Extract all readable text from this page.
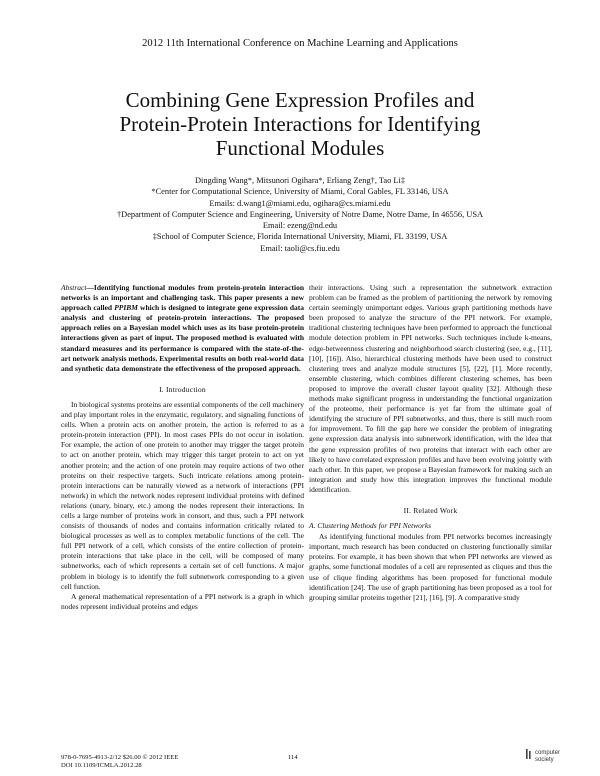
2012 11th International Conference on Machine Learning and Applications
Combining Gene Expression Profiles and
Protein-Protein Interactions for Identifying
Functional Modules
Dingding Wang*, Mitsunori Ogihara*, Erliang Zeng†, Tao Li‡
*Center for Computational Science, University of Miami, Coral Gables, FL 33146, USA
Emails: d.wang1@miami.edu, ogihara@cs.miami.edu
†Department of Computer Science and Engineering, University of Notre Dame, Notre Dame, In 46556, USA
Email: ezeng@nd.edu
‡School of Computer Science, Florida International University, Miami, FL 33199, USA
Email: taoli@cs.fiu.edu
Abstract—Identifying functional modules from protein-protein interaction networks is an important and challenging task. This paper presents a new approach called PPIBM which is designed to integrate gene expression data analysis and clustering of protein-protein interactions. The proposed approach relies on a Bayesian model which uses as its base protein-protein interactions given as part of input. The proposed method is evaluated with standard measures and its performance is compared with the state-of-the-art network analysis methods. Experimental results on both real-world data and synthetic data demonstrate the effectiveness of the proposed approach.
I. Introduction

In biological systems proteins are essential components of the cell machinery and play important roles in the enzymatic, regulatory, and signaling functions of cells. When a protein acts on another protein, the action is referred to as a protein-protein interaction (PPI). In most cases PPIs do not occur in isolation. For example, the action of one protein to another may trigger the target protein to act on another protein, which may trigger this target protein to act on yet another protein; and the action of one protein may require actions of two other proteins on their respective targets. Such intricate relations among protein-protein interactions can be naturally viewed as a network of interactions (PPI network) in which the network nodes represent individual proteins with defined relations (unary, binary, etc.) among the nodes represent their interactions. In cells a large number of proteins work in consort, and thus, such a PPI network consists of thousands of nodes and contains information critically related to biological processes as well as to complex metabolic functions of the cell. The full PPI network of a cell, which consists of the entire collection of protein-protein interactions that take place in the cell, will be composed of many subnetworks, each of which represents a certain set of cell functions. A major problem in biology is to identify the full subnetwork corresponding to a given cell function.

A general mathematical representation of a PPI network is a graph in which nodes represent individual proteins and edges

their interactions. Using such a representation the subnetwork extraction problem can be framed as the problem of partitioning the network by removing certain seemingly unimportant edges. Various graph partitioning methods have been proposed to analyze the structure of the PPI network. For example, traditional clustering techniques have been performed to approach the functional module detection problem in PPI networks. Such techniques include k-means, edge-betweenness clustering and neighborhood search clustering (see, e.g., [11], [10], [16]). Also, hierarchical clustering methods have been used to construct clustering trees and analyze module structures [5], [22], [1]. More recently, ensemble clustering, which combines different clustering schemes, has been proposed to improve the overall cluster layout quality [32]. Although these methods make significant progress in understanding the functional organization of the proteome, their performance is yet far from the ultimate goal of identifying the structure of PPI subnetworks, and thus, there is still much room for improvement. To fill the gap here we consider the problem of integrating gene expression data analysis into subnetwork identification, with the idea that the gene expression profiles of two proteins that interact with each other are likely to have correlated expression profiles and have been evolving jointly with each other. In this paper, we propose a Bayesian framework for making such an integration and study how this integration improves the functional module identification.

II. Related Work
A. Clustering Methods for PPI Networks

As identifying functional modules from PPI networks becomes increasingly important, much research has been conducted on clustering functionally similar proteins. For example, it has been shown that when PPI networks are viewed as graphs, some functional modules of a cell are represented as cliques and thus the use of clique finding algorithms has been proposed for functional module identification [24]. The use of graph partitioning has been proposed as a tool for grouping similar proteins together [21], [16], [9]. A comparative study

978-0-7695-4913-2/12 $26.00 © 2012 IEEE
DOI 10.1109/ICMLA.2012.28
114
computer
society
